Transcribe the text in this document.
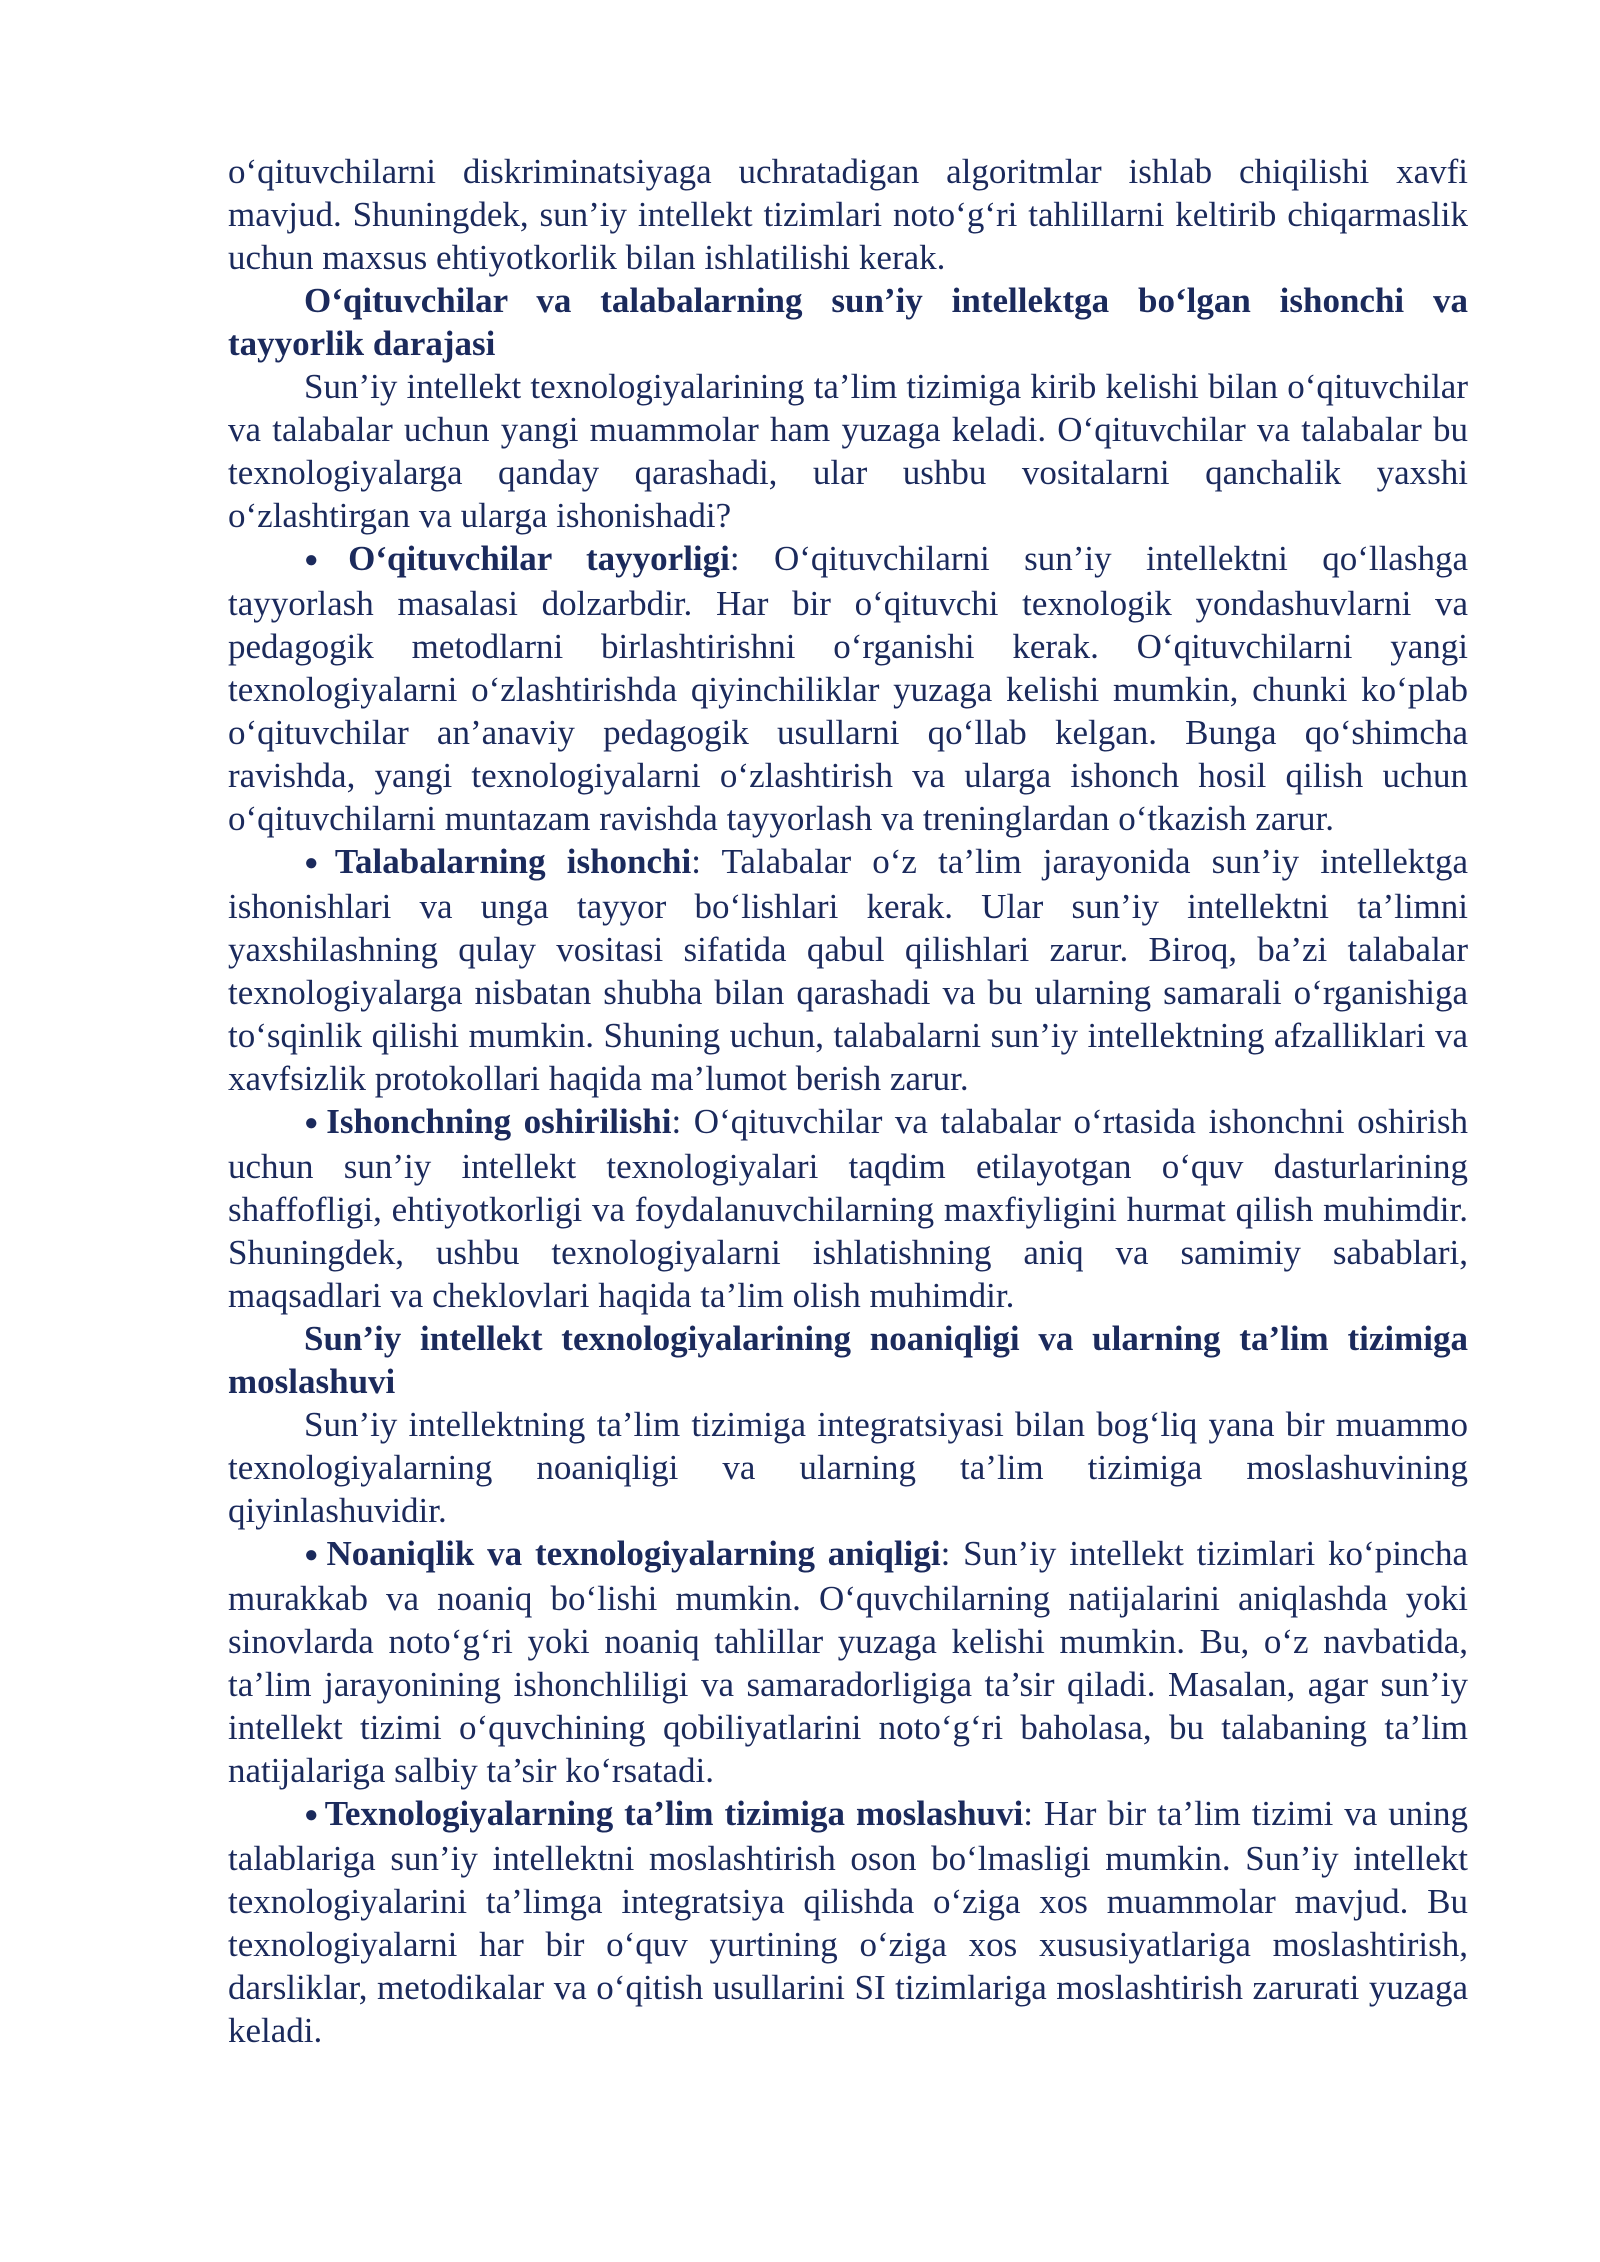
o‘qituvchilarni diskriminatsiyaga uchratadigan algoritmlar ishlab chiqilishi xavfi mavjud. Shuningdek, sun’iy intellekt tizimlari noto‘g‘ri tahlillarni keltirib chiqarmaslik uchun maxsus ehtiyotkorlik bilan ishlatilishi kerak.

O‘qituvchilar va talabalarning sun’iy intellektga bo‘lgan ishonchi va tayyorlik darajasi

Sun’iy intellekt texnologiyalarining ta’lim tizimiga kirib kelishi bilan o‘qituvchilar va talabalar uchun yangi muammolar ham yuzaga keladi. O‘qituvchilar va talabalar bu texnologiyalarga qanday qarashadi, ular ushbu vositalarni qanchalik yaxshi o‘zlashtirgan va ularga ishonishadi?

● O‘qituvchilar tayyorligi: O‘qituvchilarni sun’iy intellektni qo‘llashga tayyorlash masalasi dolzarbdir. Har bir o‘qituvchi texnologik yondashuvlarni va pedagogik metodlarni birlashtirishni o‘rganishi kerak. O‘qituvchilarni yangi texnologiyalarni o‘zlashtirishda qiyinchiliklar yuzaga kelishi mumkin, chunki ko‘plab o‘qituvchilar an’anaviy pedagogik usullarni qo‘llab kelgan. Bunga qo‘shimcha ravishda, yangi texnologiyalarni o‘zlashtirish va ularga ishonch hosil qilish uchun o‘qituvchilarni muntazam ravishda tayyorlash va treninglardan o‘tkazish zarur.

● Talabalarning ishonchi: Talabalar o‘z ta’lim jarayonida sun’iy intellektga ishonishlari va unga tayyor bo‘lishlari kerak. Ular sun’iy intellektni ta’limni yaxshilashning qulay vositasi sifatida qabul qilishlari zarur. Biroq, ba’zi talabalar texnologiyalarga nisbatan shubha bilan qarashadi va bu ularning samarali o‘rganishiga to‘sqinlik qilishi mumkin. Shuning uchun, talabalarni sun’iy intellektning afzalliklari va xavfsizlik protokollari haqida ma’lumot berish zarur.

● Ishonchning oshirilishi: O‘qituvchilar va talabalar o‘rtasida ishonchni oshirish uchun sun’iy intellekt texnologiyalari taqdim etilayotgan o‘quv dasturlarining shaffofligi, ehtiyotkorligi va foydalanuvchilarning maxfiyligini hurmat qilish muhimdir. Shuningdek, ushbu texnologiyalarni ishlatishning aniq va samimiy sabablari, maqsadlari va cheklovlari haqida ta’lim olish muhimdir.

Sun’iy intellekt texnologiyalarining noaniqligi va ularning ta’lim tizimiga moslashuvi

Sun’iy intellektning ta’lim tizimiga integratsiyasi bilan bog‘liq yana bir muammo texnologiyalarning noaniqligi va ularning ta’lim tizimiga moslashuvining qiyinlashuvidir.

● Noaniqlik va texnologiyalarning aniqligi: Sun’iy intellekt tizimlari ko‘pincha murakkab va noaniq bo‘lishi mumkin. O‘quvchilarning natijalarini aniqlashda yoki sinovlarda noto‘g‘ri yoki noaniq tahlillar yuzaga kelishi mumkin. Bu, o‘z navbatida, ta’lim jarayonining ishonchliligi va samaradorligiga ta’sir qiladi. Masalan, agar sun’iy intellekt tizimi o‘quvchining qobiliyatlarini noto‘g‘ri baholasa, bu talabaning ta’lim natijalariga salbiy ta’sir ko‘rsatadi.

● Texnologiyalarning ta’lim tizimiga moslashuvi: Har bir ta’lim tizimi va uning talablariga sun’iy intellektni moslashtirish oson bo‘lmasligi mumkin. Sun’iy intellekt texnologiyalarini ta’limga integratsiya qilishda o‘ziga xos muammolar mavjud. Bu texnologiyalarni har bir o‘quv yurtining o‘ziga xos xususiyatlariga moslashtirish, darsliklar, metodikalar va o‘qitish usullarini SI tizimlariga moslashtirish zarurati yuzaga keladi.
